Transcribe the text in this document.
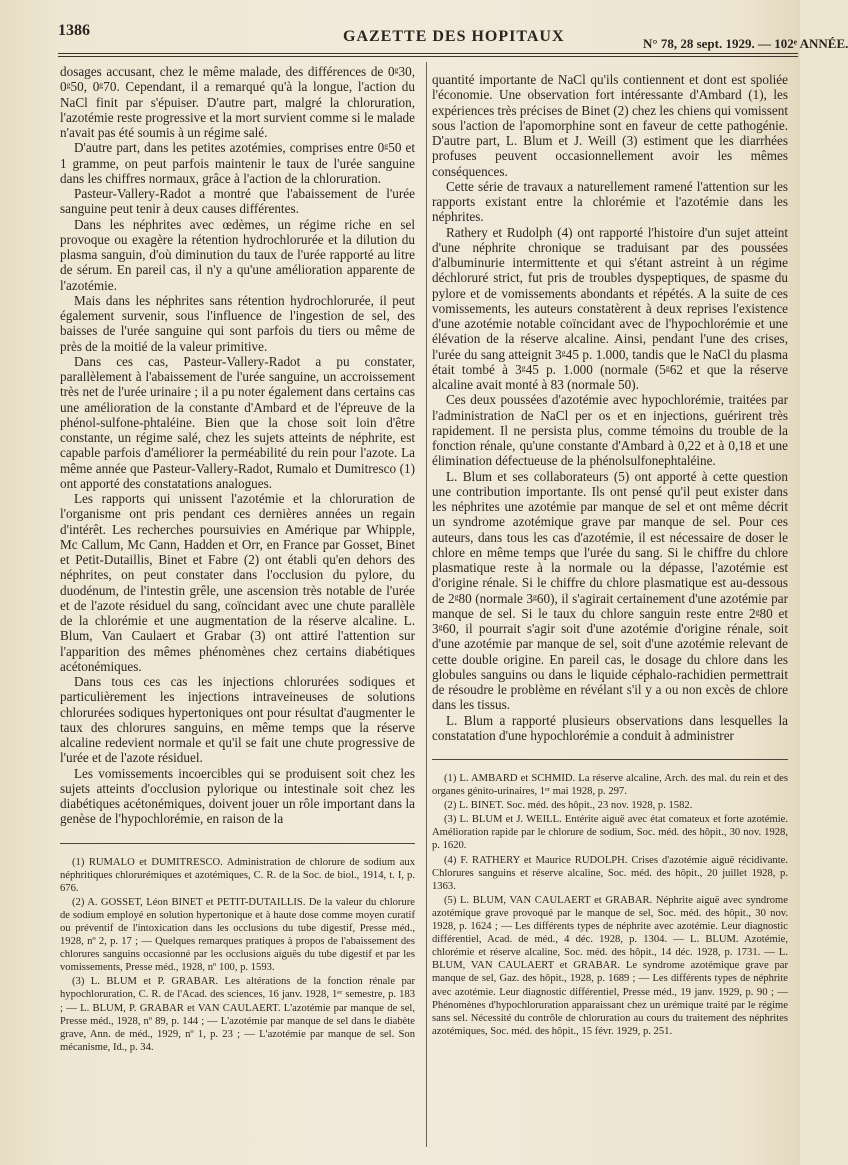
1386	GAZETTE DES HOPITAUX	N° 78, 28 sept. 1929. — 102ᵉ ANNÉE.

dosages accusant, chez le même malade, des différences de 0ᵍ30, 0ᵍ50, 0ᵍ70. Cependant, il a remarqué qu'à la longue, l'action du NaCl finit par s'épuiser. D'autre part, malgré la chloruration, l'azotémie reste progressive et la mort survient comme si le malade n'avait pas été soumis à un régime salé.

D'autre part, dans les petites azotémies, comprises entre 0ᵍ50 et 1 gramme, on peut parfois maintenir le taux de l'urée sanguine dans les chiffres normaux, grâce à l'action de la chloruration.

Pasteur-Vallery-Radot a montré que l'abaissement de l'urée sanguine peut tenir à deux causes différentes.

Dans les néphrites avec œdèmes, un régime riche en sel provoque ou exagère la rétention hydrochlorurée et la dilution du plasma sanguin, d'où diminution du taux de l'urée rapporté au litre de sérum. En pareil cas, il n'y a qu'une amélioration apparente de l'azotémie.

Mais dans les néphrites sans rétention hydrochlorurée, il peut également survenir, sous l'influence de l'ingestion de sel, des baisses de l'urée sanguine qui sont parfois du tiers ou même de près de la moitié de la valeur primitive.

Dans ces cas, Pasteur-Vallery-Radot a pu constater, parallèlement à l'abaissement de l'urée sanguine, un accroissement très net de l'urée urinaire ; il a pu noter également dans certains cas une amélioration de la constante d'Ambard et de l'épreuve de la phénol-sulfone-phtaléine. Bien que la chose soit loin d'être constante, un régime salé, chez les sujets atteints de néphrite, est capable parfois d'améliorer la perméabilité du rein pour l'azote. La même année que Pasteur-Vallery-Radot, Rumalo et Dumitresco (1) ont apporté des constatations analogues.

Les rapports qui unissent l'azotémie et la chloruration de l'organisme ont pris pendant ces dernières années un regain d'intérêt. Les recherches poursuivies en Amérique par Whipple, Mc Callum, Mc Cann, Hadden et Orr, en France par Gosset, Binet et Petit-Dutaillis, Binet et Fabre (2) ont établi qu'en dehors des néphrites, on peut constater dans l'occlusion du pylore, du duodénum, de l'intestin grêle, une ascension très notable de l'urée et de l'azote résiduel du sang, coïncidant avec une chute parallèle de la chlorémie et une augmentation de la réserve alcaline. L. Blum, Van Caulaert et Grabar (3) ont attiré l'attention sur l'apparition des mêmes phénomènes chez certains diabétiques acétonémiques.

Dans tous ces cas les injections chlorurées sodiques et particulièrement les injections intraveineuses de solutions chlorurées sodiques hypertoniques ont pour résultat d'augmenter le taux des chlorures sanguins, en même temps que la réserve alcaline redevient normale et qu'il se fait une chute progressive de l'urée et de l'azote résiduel.

Les vomissements incoercibles qui se produisent soit chez les sujets atteints d'occlusion pylorique ou intestinale soit chez les diabétiques acétonémiques, doivent jouer un rôle important dans la genèse de l'hypochlorémie, en raison de la

(1) RUMALO et DUMITRESCO. Administration de chlorure de sodium aux néphritiques chlorurémiques et azotémiques, C. R. de la Soc. de biol., 1914, t. I, p. 676.

(2) A. GOSSET, Léon BINET et PETIT-DUTAILLIS. De la valeur du chlorure de sodium employé en solution hypertonique et à haute dose comme moyen curatif ou préventif de l'intoxication dans les occlusions du tube digestif, Presse méd., 1928, nº 2, p. 17 ; — Quelques remarques pratiques à propos de l'abaissement des chlorures sanguins occasionné par les occlusions aiguës du tube digestif et par les vomissements, Presse méd., 1928, nº 100, p. 1593.

(3) L. BLUM et P. GRABAR. Les altérations de la fonction rénale par hypochloruration, C. R. de l'Acad. des sciences, 16 janv. 1928, 1ᵉʳ semestre, p. 183 ; — L. BLUM, P. GRABAR et VAN CAULAERT. L'azotémie par manque de sel, Presse méd., 1928, nº 89, p. 144 ; — L'azotémie par manque de sel dans le diabète grave, Ann. de méd., 1929, nº 1, p. 23 ; — L'azotémie par manque de sel. Son mécanisme, Id., p. 34.

quantité importante de NaCl qu'ils contiennent et dont est spoliée l'économie. Une observation fort intéressante d'Ambard (1), les expériences très précises de Binet (2) chez les chiens qui vomissent sous l'action de l'apomorphine sont en faveur de cette pathogénie. D'autre part, L. Blum et J. Weill (3) estiment que les diarrhées profuses peuvent occasionnellement avoir les mêmes conséquences.

Cette série de travaux a naturellement ramené l'attention sur les rapports existant entre la chlorémie et l'azotémie dans les néphrites.

Rathery et Rudolph (4) ont rapporté l'histoire d'un sujet atteint d'une néphrite chronique se traduisant par des poussées d'albuminurie intermittente et qui s'étant astreint à un régime déchloruré strict, fut pris de troubles dyspeptiques, de spasme du pylore et de vomissements abondants et répétés. A la suite de ces vomissements, les auteurs constatèrent à deux reprises l'existence d'une azotémie notable coïncidant avec de l'hypochlorémie et une élévation de la réserve alcaline. Ainsi, pendant l'une des crises, l'urée du sang atteignit 3ᵍ45 p. 1.000, tandis que le NaCl du plasma était tombé à 3ᵍ45 p. 1.000 (normale (5ᵍ62 et que la réserve alcaline avait monté à 83 (normale 50).

Ces deux poussées d'azotémie avec hypochlorémie, traitées par l'administration de NaCl per os et en injections, guérirent très rapidement. Il ne persista plus, comme témoins du trouble de la fonction rénale, qu'une constante d'Ambard à 0,22 et à 0,18 et une élimination défectueuse de la phénolsulfonephtaléine.

L. Blum et ses collaborateurs (5) ont apporté à cette question une contribution importante. Ils ont pensé qu'il peut exister dans les néphrites une azotémie par manque de sel et ont même décrit un syndrome azotémique grave par manque de sel. Pour ces auteurs, dans tous les cas d'azotémie, il est nécessaire de doser le chlore en même temps que l'urée du sang. Si le chiffre du chlore plasmatique reste à la normale ou la dépasse, l'azotémie est d'origine rénale. Si le chiffre du chlore plasmatique est au-dessous de 2ᵍ80 (normale 3ᵍ60), il s'agirait certainement d'une azotémie par manque de sel. Si le taux du chlore sanguin reste entre 2ᵍ80 et 3ᵍ60, il pourrait s'agir soit d'une azotémie d'origine rénale, soit d'une azotémie par manque de sel, soit d'une azotémie relevant de cette double origine. En pareil cas, le dosage du chlore dans les globules sanguins ou dans le liquide céphalo-rachidien permettrait de résoudre le problème en révélant s'il y a ou non excès de chlore dans les tissus.

L. Blum a rapporté plusieurs observations dans lesquelles la constatation d'une hypochlorémie a conduit à administrer

(1) L. AMBARD et SCHMID. La réserve alcaline, Arch. des mal. du rein et des organes génito-urinaires, 1ᵉʳ mai 1928, p. 297.

(2) L. BINET. Soc. méd. des hôpit., 23 nov. 1928, p. 1582.

(3) L. BLUM et J. WEILL. Entérite aiguë avec état comateux et forte azotémie. Amélioration rapide par le chlorure de sodium, Soc. méd. des hôpit., 30 nov. 1928, p. 1620.

(4) F. RATHERY et Maurice RUDOLPH. Crises d'azotémie aiguë récidivante. Chlorures sanguins et réserve alcaline, Soc. méd. des hôpit., 20 juillet 1928, p. 1363.

(5) L. BLUM, VAN CAULAERT et GRABAR. Néphrite aiguë avec syndrome azotémique grave provoqué par le manque de sel, Soc. méd. des hôpit., 30 nov. 1928, p. 1624 ; — Les différents types de néphrite avec azotémie. Leur diagnostic différentiel, Acad. de méd., 4 déc. 1928, p. 1304. — L. BLUM. Azotémie, chlorémie et réserve alcaline, Soc. méd. des hôpit., 14 déc. 1928, p. 1731. — L. BLUM, VAN CAULAERT et GRABAR. Le syndrome azotémique grave par manque de sel, Gaz. des hôpit., 1928, p. 1689 ; — Les différents types de néphrite avec azotémie. Leur diagnostic différentiel, Presse méd., 19 janv. 1929, p. 90 ; — Phénomènes d'hypochloruration apparaissant chez un urémique traité par le régime sans sel. Nécessité du contrôle de chloruration au cours du traitement des néphrites azotémiques, Soc. méd. des hôpit., 15 févr. 1929, p. 251.
